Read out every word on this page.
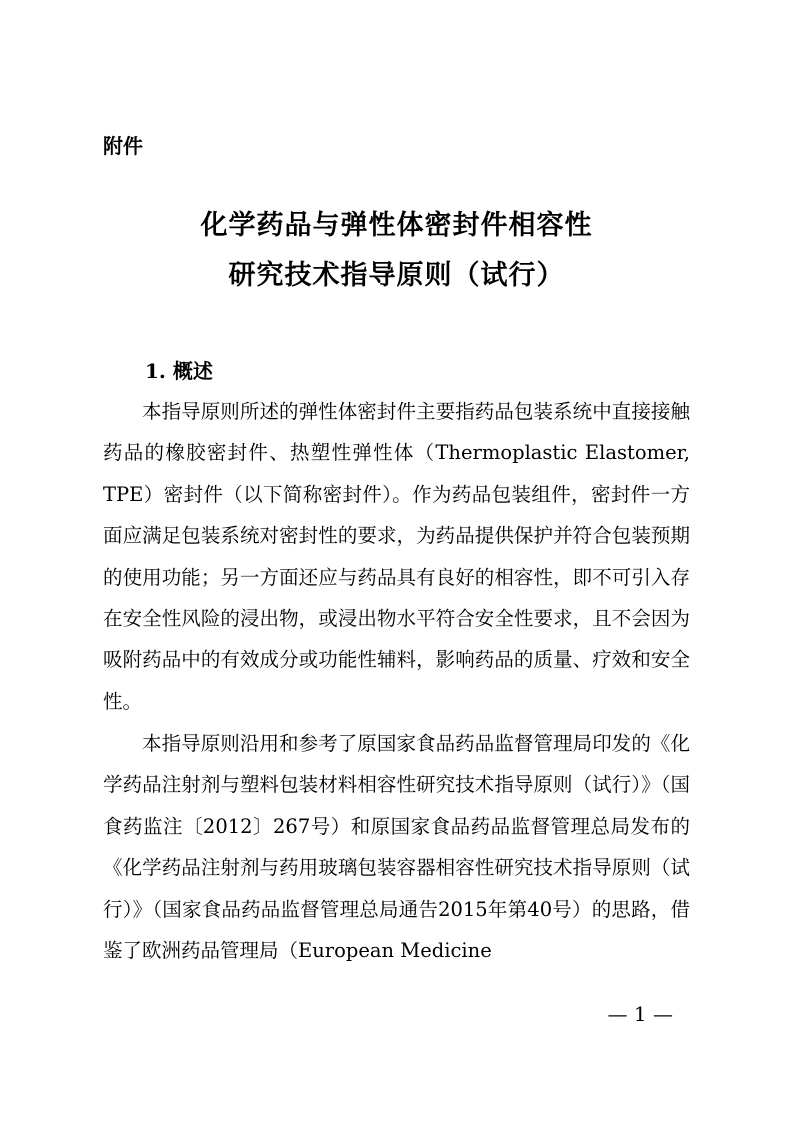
附件
化学药品与弹性体密封件相容性
研究技术指导原则（试行）
1. 概述

本指导原则所述的弹性体密封件主要指药品包装系统中直接接触药品的橡胶密封件、热塑性弹性体（Thermoplastic Elastomer, TPE）密封件（以下简称密封件）。作为药品包装组件，密封件一方面应满足包装系统对密封性的要求，为药品提供保护并符合包装预期的使用功能；另一方面还应与药品具有良好的相容性，即不可引入存在安全性风险的浸出物，或浸出物水平符合安全性要求，且不会因为吸附药品中的有效成分或功能性辅料，影响药品的质量、疗效和安全性。

本指导原则沿用和参考了原国家食品药品监督管理局印发的《化学药品注射剂与塑料包装材料相容性研究技术指导原则（试行）》（国食药监注〔2012〕267号）和原国家食品药品监督管理总局发布的《化学药品注射剂与药用玻璃包装容器相容性研究技术指导原则（试行）》（国家食品药品监督管理总局通告2015年第40号）的思路，借鉴了欧洲药品管理局（European Medicine

— 1 —
